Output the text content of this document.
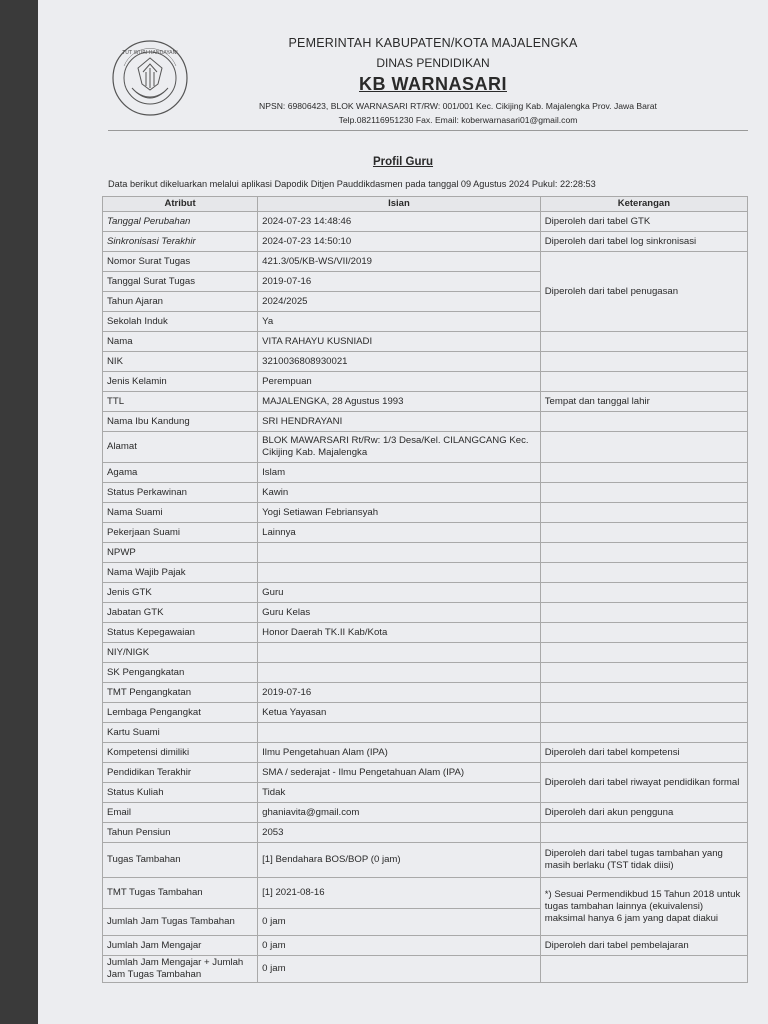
TUT WURI HANDAYANI
PEMERINTAH KABUPATEN/KOTA MAJALENGKA
DINAS PENDIDIKAN
KB WARNASARI
NPSN: 69806423, BLOK WARNASARI RT/RW: 001/001 Kec. Cikijing Kab. Majalengka Prov. Jawa Barat
Telp.082116951230 Fax. Email: koberwarnasari01@gmail.com
Profil Guru
Data berikut dikeluarkan melalui aplikasi Dapodik Ditjen Pauddikdasmen pada tanggal 09 Agustus 2024 Pukul: 22:28:53
Atribut	Isian	Keterangan
Tanggal Perubahan	2024-07-23 14:48:46	Diperoleh dari tabel GTK
Sinkronisasi Terakhir	2024-07-23 14:50:10	Diperoleh dari tabel log sinkronisasi
Nomor Surat Tugas	421.3/05/KB-WS/VII/2019	Diperoleh dari tabel penugasan
Tanggal Surat Tugas	2019-07-16	
Tahun Ajaran	2024/2025	
Sekolah Induk	Ya	
Nama	VITA RAHAYU KUSNIADI	
NIK	3210036808930021	
Jenis Kelamin	Perempuan	
TTL	MAJALENGKA, 28 Agustus 1993	Tempat dan tanggal lahir
Nama Ibu Kandung	SRI HENDRAYANI	
Alamat	BLOK MAWARSARI Rt/Rw: 1/3 Desa/Kel. CILANGCANG Kec. Cikijing Kab. Majalengka	
Agama	Islam	
Status Perkawinan	Kawin	
Nama Suami	Yogi Setiawan Febriansyah	
Pekerjaan Suami	Lainnya	
NPWP		
Nama Wajib Pajak		
Jenis GTK	Guru	
Jabatan GTK	Guru Kelas	
Status Kepegawaian	Honor Daerah TK.II Kab/Kota	
NIY/NIGK		
SK Pengangkatan		
TMT Pengangkatan	2019-07-16	
Lembaga Pengangkat	Ketua Yayasan	
Kartu Suami		
Kompetensi dimiliki	Ilmu Pengetahuan Alam (IPA)	Diperoleh dari tabel kompetensi
Pendidikan Terakhir	SMA / sederajat - Ilmu Pengetahuan Alam (IPA)	Diperoleh dari tabel riwayat pendidikan formal
Status Kuliah	Tidak	
Email	ghaniavita@gmail.com	Diperoleh dari akun pengguna
Tahun Pensiun	2053	
Tugas Tambahan	[1] Bendahara BOS/BOP (0 jam)	Diperoleh dari tabel tugas tambahan yang masih berlaku (TST tidak diisi)
TMT Tugas Tambahan	[1] 2021-08-16	*) Sesuai Permendikbud 15 Tahun 2018 untuk tugas tambahan lainnya (ekuivalensi) maksimal hanya 6 jam yang dapat diakui
Jumlah Jam Tugas Tambahan	0 jam	
Jumlah Jam Mengajar	0 jam	Diperoleh dari tabel pembelajaran
Jumlah Jam Mengajar + Jumlah Jam Tugas Tambahan	0 jam	
